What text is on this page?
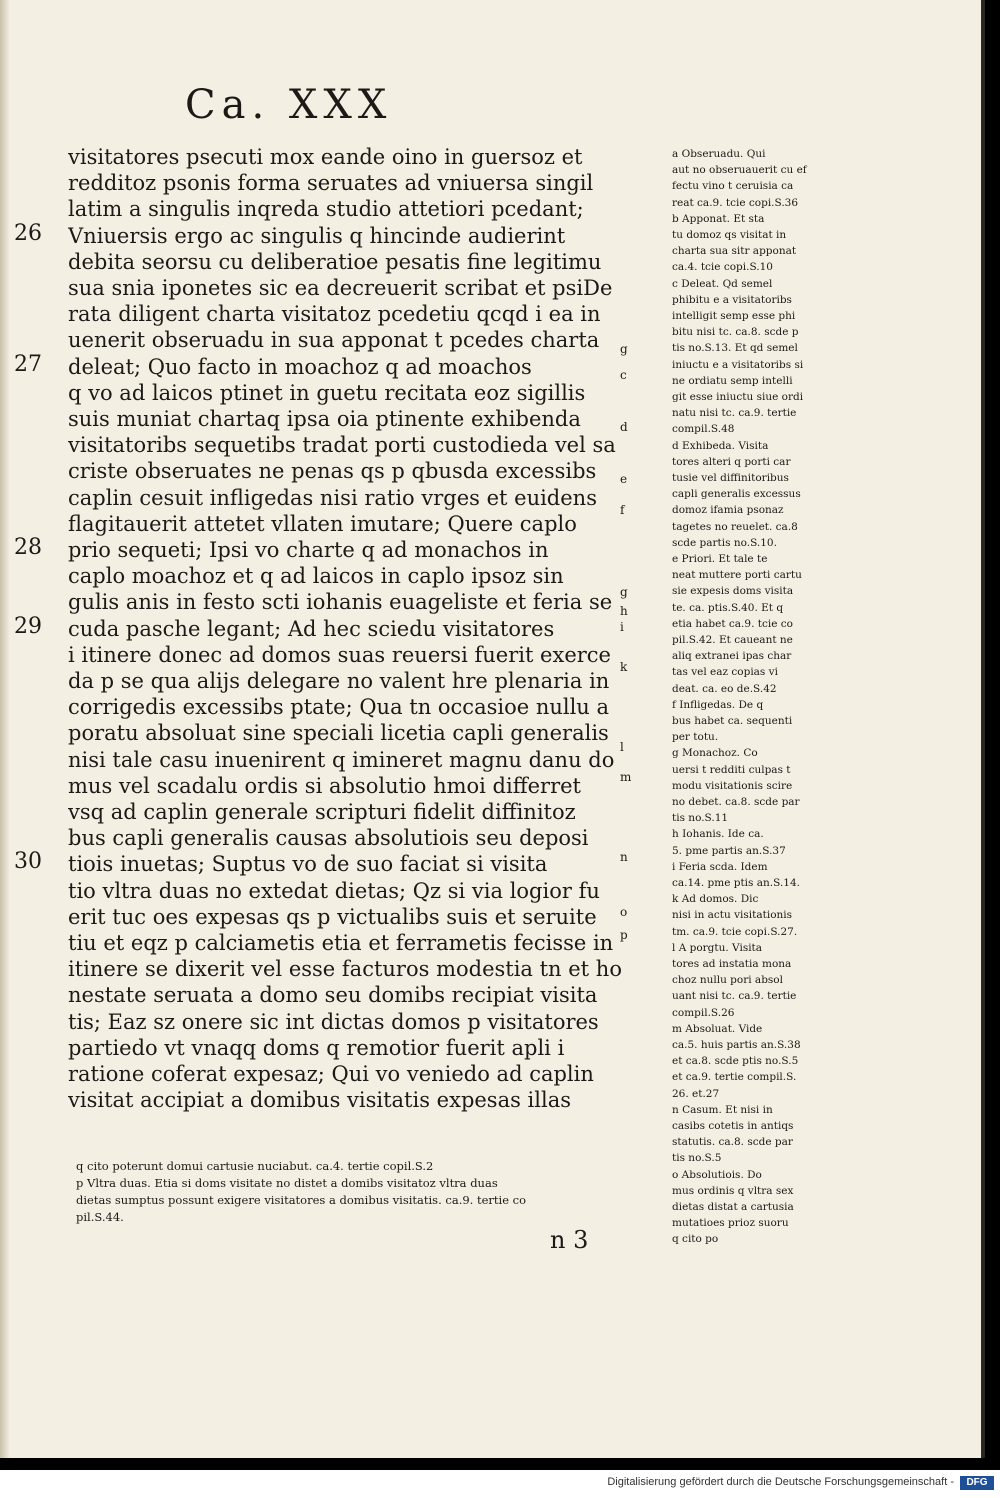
Ca. XXX
visitatores psecuti mox eande oino in guersoz et
redditoz psonis forma seruates ad vniuersa singil
latim a singulis inqreda studio attetiori pcedant;
Vniuersis ergo ac singulis q hincinde audierint
debita seorsu cu deliberatioe pesatis fine legitimu
sua snia iponetes sic ea decreuerit scribat et psiDe
rata diligent charta visitatoz pcedetiu qcqd i ea in
uenerit obseruadu in sua apponat t pcedes charta
deleat; Quo facto in moachoz q ad moachos
q vo ad laicos ptinet in guetu recitata eoz sigillis
suis muniat chartaq ipsa oia ptinente exhibenda
visitatoribs sequetibs tradat porti custodieda vel sa
criste obseruates ne penas qs p qbusda excessibs
caplin cesuit infligedas nisi ratio vrges et euidens
flagitauerit attetet vllaten imutare; Quere caplo
prio sequeti; Ipsi vo charte q ad monachos in
caplo moachoz et q ad laicos in caplo ipsoz sin
gulis anis in festo scti iohanis euageliste et feria se
cuda pasche legant; Ad hec sciedu visitatores
i itinere donec ad domos suas reuersi fuerit exerce
da p se qua alijs delegare no valent hre plenaria in
corrigedis excessibs ptate; Qua tn occasioe nullu a
poratu absoluat sine speciali licetia capli generalis
nisi tale casu inuenirent q imineret magnu danu do
mus vel scadalu ordis si absolutio hmoi differret
vsq ad caplin generale scripturi fidelit diffinitoz
bus capli generalis causas absolutiois seu deposi
tiois inuetas; Suptus vo de suo faciat si visita
tio vltra duas no extedat dietas; Qz si via logior fu
erit tuc oes expesas qs p victualibs suis et seruite
tiu et eqz p calciametis etia et ferrametis fecisse in
itinere se dixerit vel esse facturos modestia tn et ho
nestate seruata a domo seu domibs recipiat visita
tis; Eaz sz onere sic int dictas domos p visitatores
partiedo vt vnaqq doms q remotior fuerit apli i
ratione coferat expesaz; Qui vo veniedo ad caplin
visitat accipiat a domibus visitatis expesas illas
26
27
28
29
30
g
c
d
e
f
g
h
i
k
l
m
n
o
p
a Obseruadu. Qui
aut no obseruauerit cu ef
fectu vino t ceruisia ca
reat ca.9. tcie copi.S.36
b Apponat. Et sta
tu domoz qs visitat in
charta sua sitr apponat
ca.4. tcie copi.S.10
c Deleat. Qd semel
phibitu e a visitatoribs
intelligit semp esse phi
bitu nisi tc. ca.8. scde p
tis no.S.13. Et qd semel
iniuctu e a visitatoribs si
ne ordiatu semp intelli
git esse iniuctu siue ordi
natu nisi tc. ca.9. tertie
compil.S.48
d Exhibeda. Visita
tores alteri q porti car
tusie vel diffinitoribus
capli generalis excessus
domoz ifamia psonaz
tagetes no reuelet. ca.8
scde partis no.S.10.
e Priori. Et tale te
neat muttere porti cartu
sie expesis doms visita
te. ca. ptis.S.40. Et q
etia habet ca.9. tcie co
pil.S.42. Et caueant ne
aliq extranei ipas char
tas vel eaz copias vi
deat. ca. eo de.S.42
f Infligedas. De q
bus habet ca. sequenti
per totu.
g Monachoz. Co
uersi t redditi culpas t
modu visitationis scire
no debet. ca.8. scde par
tis no.S.11
h Iohanis. Ide ca.
5. pme partis an.S.37
i Feria scda. Idem
ca.14. pme ptis an.S.14.
k Ad domos. Dic
nisi in actu visitationis
tm. ca.9. tcie copi.S.27.
l A porgtu. Visita
tores ad instatia mona
choz nullu pori absol
uant nisi tc. ca.9. tertie
compil.S.26
m Absoluat. Vide
ca.5. huis partis an.S.38
et ca.8. scde ptis no.S.5
et ca.9. tertie compil.S.
26. et.27
n Casum. Et nisi in
casibs cotetis in antiqs
statutis. ca.8. scde par
tis no.S.5
o Absolutiois. Do
mus ordinis q vltra sex
dietas distat a cartusia
mutatioes prioz suoru
q cito po
q cito poterunt domui cartusie nuciabut. ca.4. tertie copil.S.2
p Vltra duas. Etia si doms visitate no distet a domibs visitatoz vltra duas
dietas sumptus possunt exigere visitatores a domibus visitatis. ca.9. tertie co
pil.S.44.
n 3
Digitalisierung gefördert durch die Deutsche Forschungsgemeinschaft -	DFG
